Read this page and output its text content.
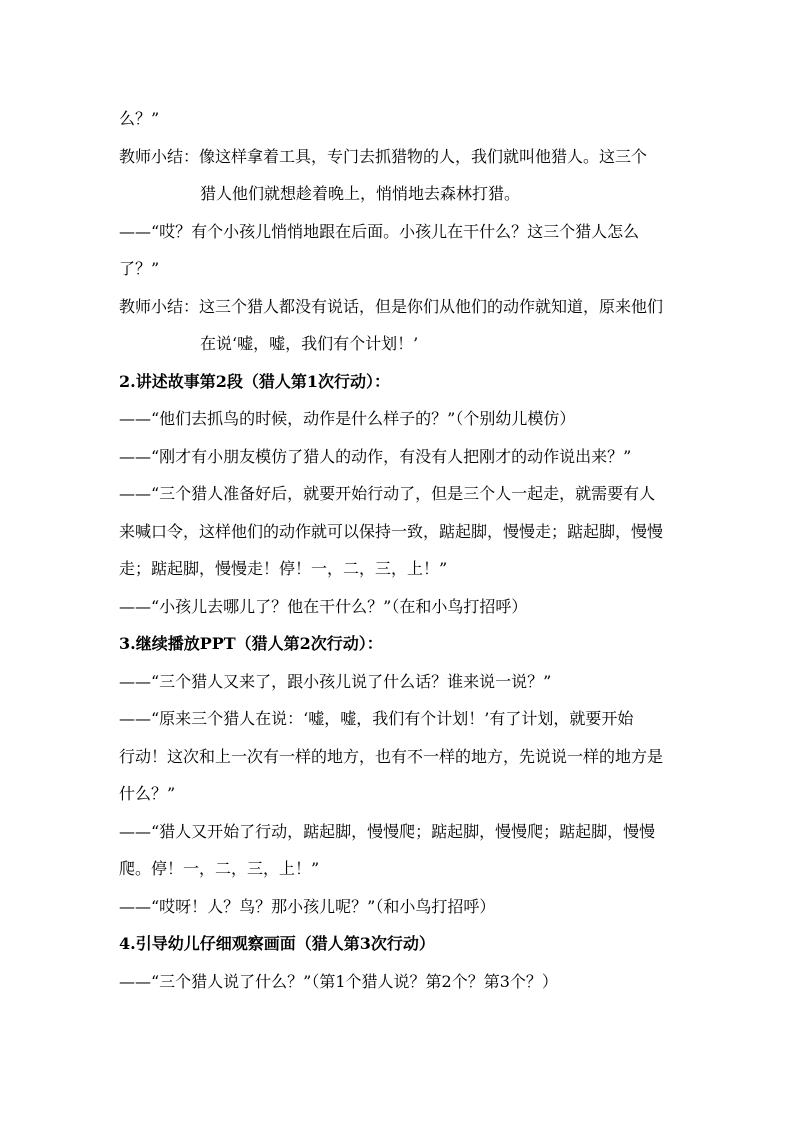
么？”
教师小结：像这样拿着工具，专门去抓猎物的人，我们就叫他猎人。这三个
猎人他们就想趁着晚上，悄悄地去森林打猎。
——“哎？有个小孩儿悄悄地跟在后面。小孩儿在干什么？这三个猎人怎么
了？”
教师小结：这三个猎人都没有说话，但是你们从他们的动作就知道，原来他们
在说‘嘘，嘘，我们有个计划！’
2.讲述故事第2段（猎人第1次行动）：
——“他们去抓鸟的时候，动作是什么样子的？”（个别幼儿模仿）
——“刚才有小朋友模仿了猎人的动作，有没有人把刚才的动作说出来？”
——“三个猎人准备好后，就要开始行动了，但是三个人一起走，就需要有人
来喊口令，这样他们的动作就可以保持一致，踮起脚，慢慢走；踮起脚，慢慢
走；踮起脚，慢慢走！停！一，二，三，上！”
——“小孩儿去哪儿了？他在干什么？”（在和小鸟打招呼）
3.继续播放PPT（猎人第2次行动）：
——“三个猎人又来了，跟小孩儿说了什么话？谁来说一说？”
——“原来三个猎人在说：‘嘘，嘘，我们有个计划！’有了计划，就要开始
行动！这次和上一次有一样的地方，也有不一样的地方，先说说一样的地方是
什么？”
——“猎人又开始了行动，踮起脚，慢慢爬；踮起脚，慢慢爬；踮起脚，慢慢
爬。停！一，二，三，上！”
——“哎呀！人？鸟？那小孩儿呢？”（和小鸟打招呼）
4.引导幼儿仔细观察画面（猎人第3次行动）
——“三个猎人说了什么？”（第1个猎人说？第2个？第3个？）
